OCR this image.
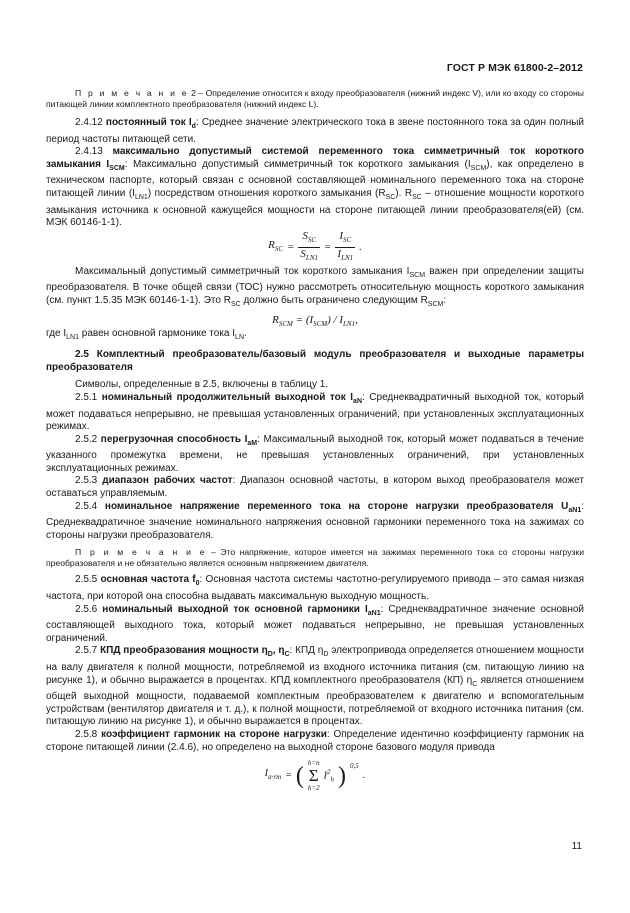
ГОСТ Р МЭК 61800-2–2012

П р и м е ч а н и е 2 – Определение относится к входу преобразователя (нижний индекс V), или ко входу со стороны питающей линии комплектного преобразователя (нижний индекс L).

2.4.12 постоянный ток $I_d$: Среднее значение электрического тока в звене постоянного тока за один полный период частоты питающей сети.

2.4.13 максимально допустимый системой переменного тока симметричный ток короткого замыкания $I_{SCM}$: Максимально допустимый симметричный ток короткого замыкания $(I_{SCM})$, как определено в техническом паспорте, который связан с основной составляющей номинального переменного тока на стороне питающей линии $(I_{LN1})$ посредством отношения короткого замыкания $(R_{SC})$. $R_{SC}$ – отношение мощности короткого замыкания источника к основной кажущейся мощности на стороне питающей линии преобразователя(ей) (см. МЭК 60146-1-1).

$R_{SC} = \frac{S_{SC}}{S_{LN1}} = \frac{I_{SC}}{I_{LN1}}$ .

Максимальный допустимый симметричный ток короткого замыкания $I_{SCM}$ важен при определении защиты преобразователя. В точке общей связи (ТОС) нужно рассмотреть относительную мощность короткого замыкания (см. пункт 1.5.35 МЭК 60146-1-1). Это $R_{SC}$ должно быть ограничено следующим $R_{SCM}$:

$R_{SCM} = (I_{SCM}) / I_{LN1}$,

где $I_{LN1}$ равен основной гармонике тока $I_{LN}$.

2.5 Комплектный преобразователь/базовый модуль преобразователя и выходные параметры преобразователя

Символы, определенные в 2.5, включены в таблицу 1.

2.5.1 номинальный продолжительный выходной ток $I_{aN}$: Среднеквадратичный выходной ток, который может подаваться непрерывно, не превышая установленных ограничений, при установленных эксплуатационных режимах.

2.5.2 перегрузочная способность $I_{aM}$: Максимальный выходной ток, который может подаваться в течение указанного промежутка времени, не превышая установленных ограничений, при установленных эксплуатационных режимах.

2.5.3 диапазон рабочих частот: Диапазон основной частоты, в котором выход преобразователя может оставаться управляемым.

2.5.4 номинальное напряжение переменного тока на стороне нагрузки преобразователя $U_{aN1}$: Среднеквадратичное значение номинального напряжения основной гармоники переменного тока на зажимах со стороны нагрузки преобразователя.

П р и м е ч а н и е – Это напряжение, которое имеется на зажимах переменного тока со стороны нагрузки преобразователя и не обязательно является основным напряжением двигателя.

2.5.5 основная частота $f_0$: Основная частота системы частотно-регулируемого привода – это самая низкая частота, при которой она способна выдавать максимальную выходную мощность.

2.5.6 номинальный выходной ток основной гармоники $I_{aN1}$: Среднеквадратичное значение основной составляющей выходного тока, который может подаваться непрерывно, не превышая установленных ограничений.

2.5.7 КПД преобразования мощности $\eta_D$, $\eta_C$: КПД $\eta_D$ электропривода определяется отношением мощности на валу двигателя к полной мощности, потребляемой из входного источника питания (см. питающую линию на рисунке 1), и обычно выражается в процентах. КПД комплектного преобразователя (КП) $\eta_C$ является отношением общей выходной мощности, подаваемой комплектным преобразователем к двигателю и вспомогательным устройствам (вентилятор двигателя и т. д.), к полной мощности, потребляемой от входного источника питания (см. питающую линию на рисунке 1), и обычно выражается в процентах.

2.5.8 коэффициент гармоник на стороне нагрузки: Определение идентично коэффициенту гармоник на стороне питающей линии (2.4.6), но определено на выходной стороне базового модуля привода

$I_{a\cdot rm}$ = ( h=n
Σ
h=2
$I^2_h$ ) $^{0,5}$
.
11
